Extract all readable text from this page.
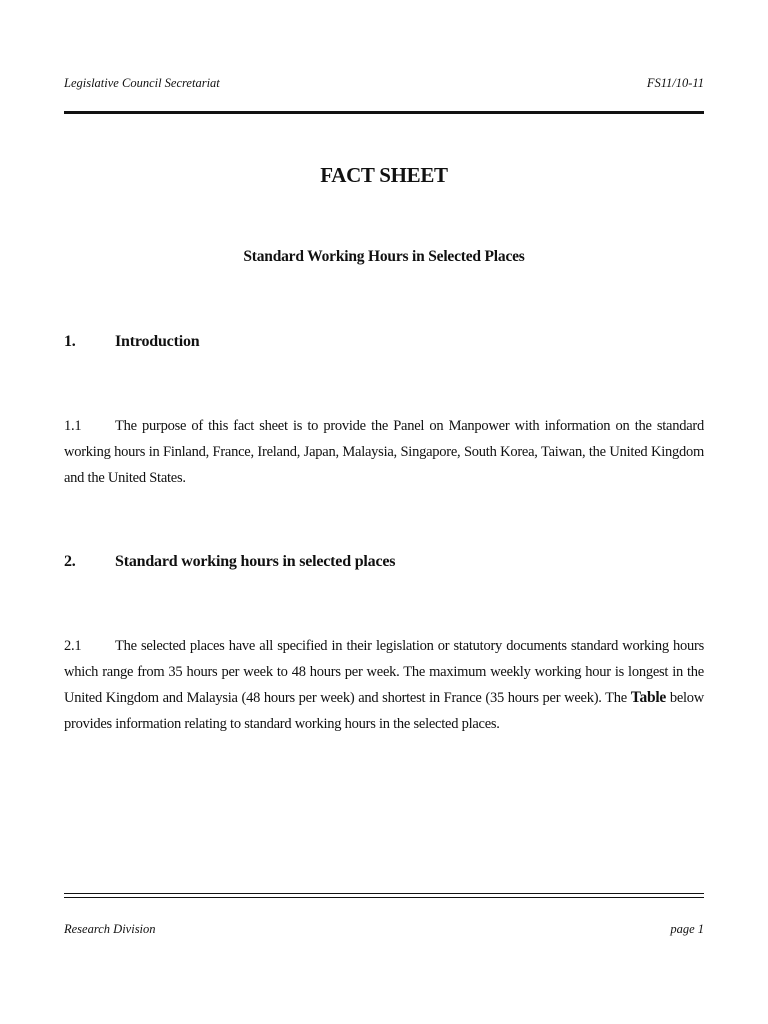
Legislative Council Secretariat	FS11/10-11
FACT SHEET
Standard Working Hours in Selected Places
1. Introduction
1.1 The purpose of this fact sheet is to provide the Panel on Manpower with information on the standard working hours in Finland, France, Ireland, Japan, Malaysia, Singapore, South Korea, Taiwan, the United Kingdom and the United States.
2. Standard working hours in selected places
2.1 The selected places have all specified in their legislation or statutory documents standard working hours which range from 35 hours per week to 48 hours per week. The maximum weekly working hour is longest in the United Kingdom and Malaysia (48 hours per week) and shortest in France (35 hours per week). The Table below provides information relating to standard working hours in the selected places.
Research Division	page 1
